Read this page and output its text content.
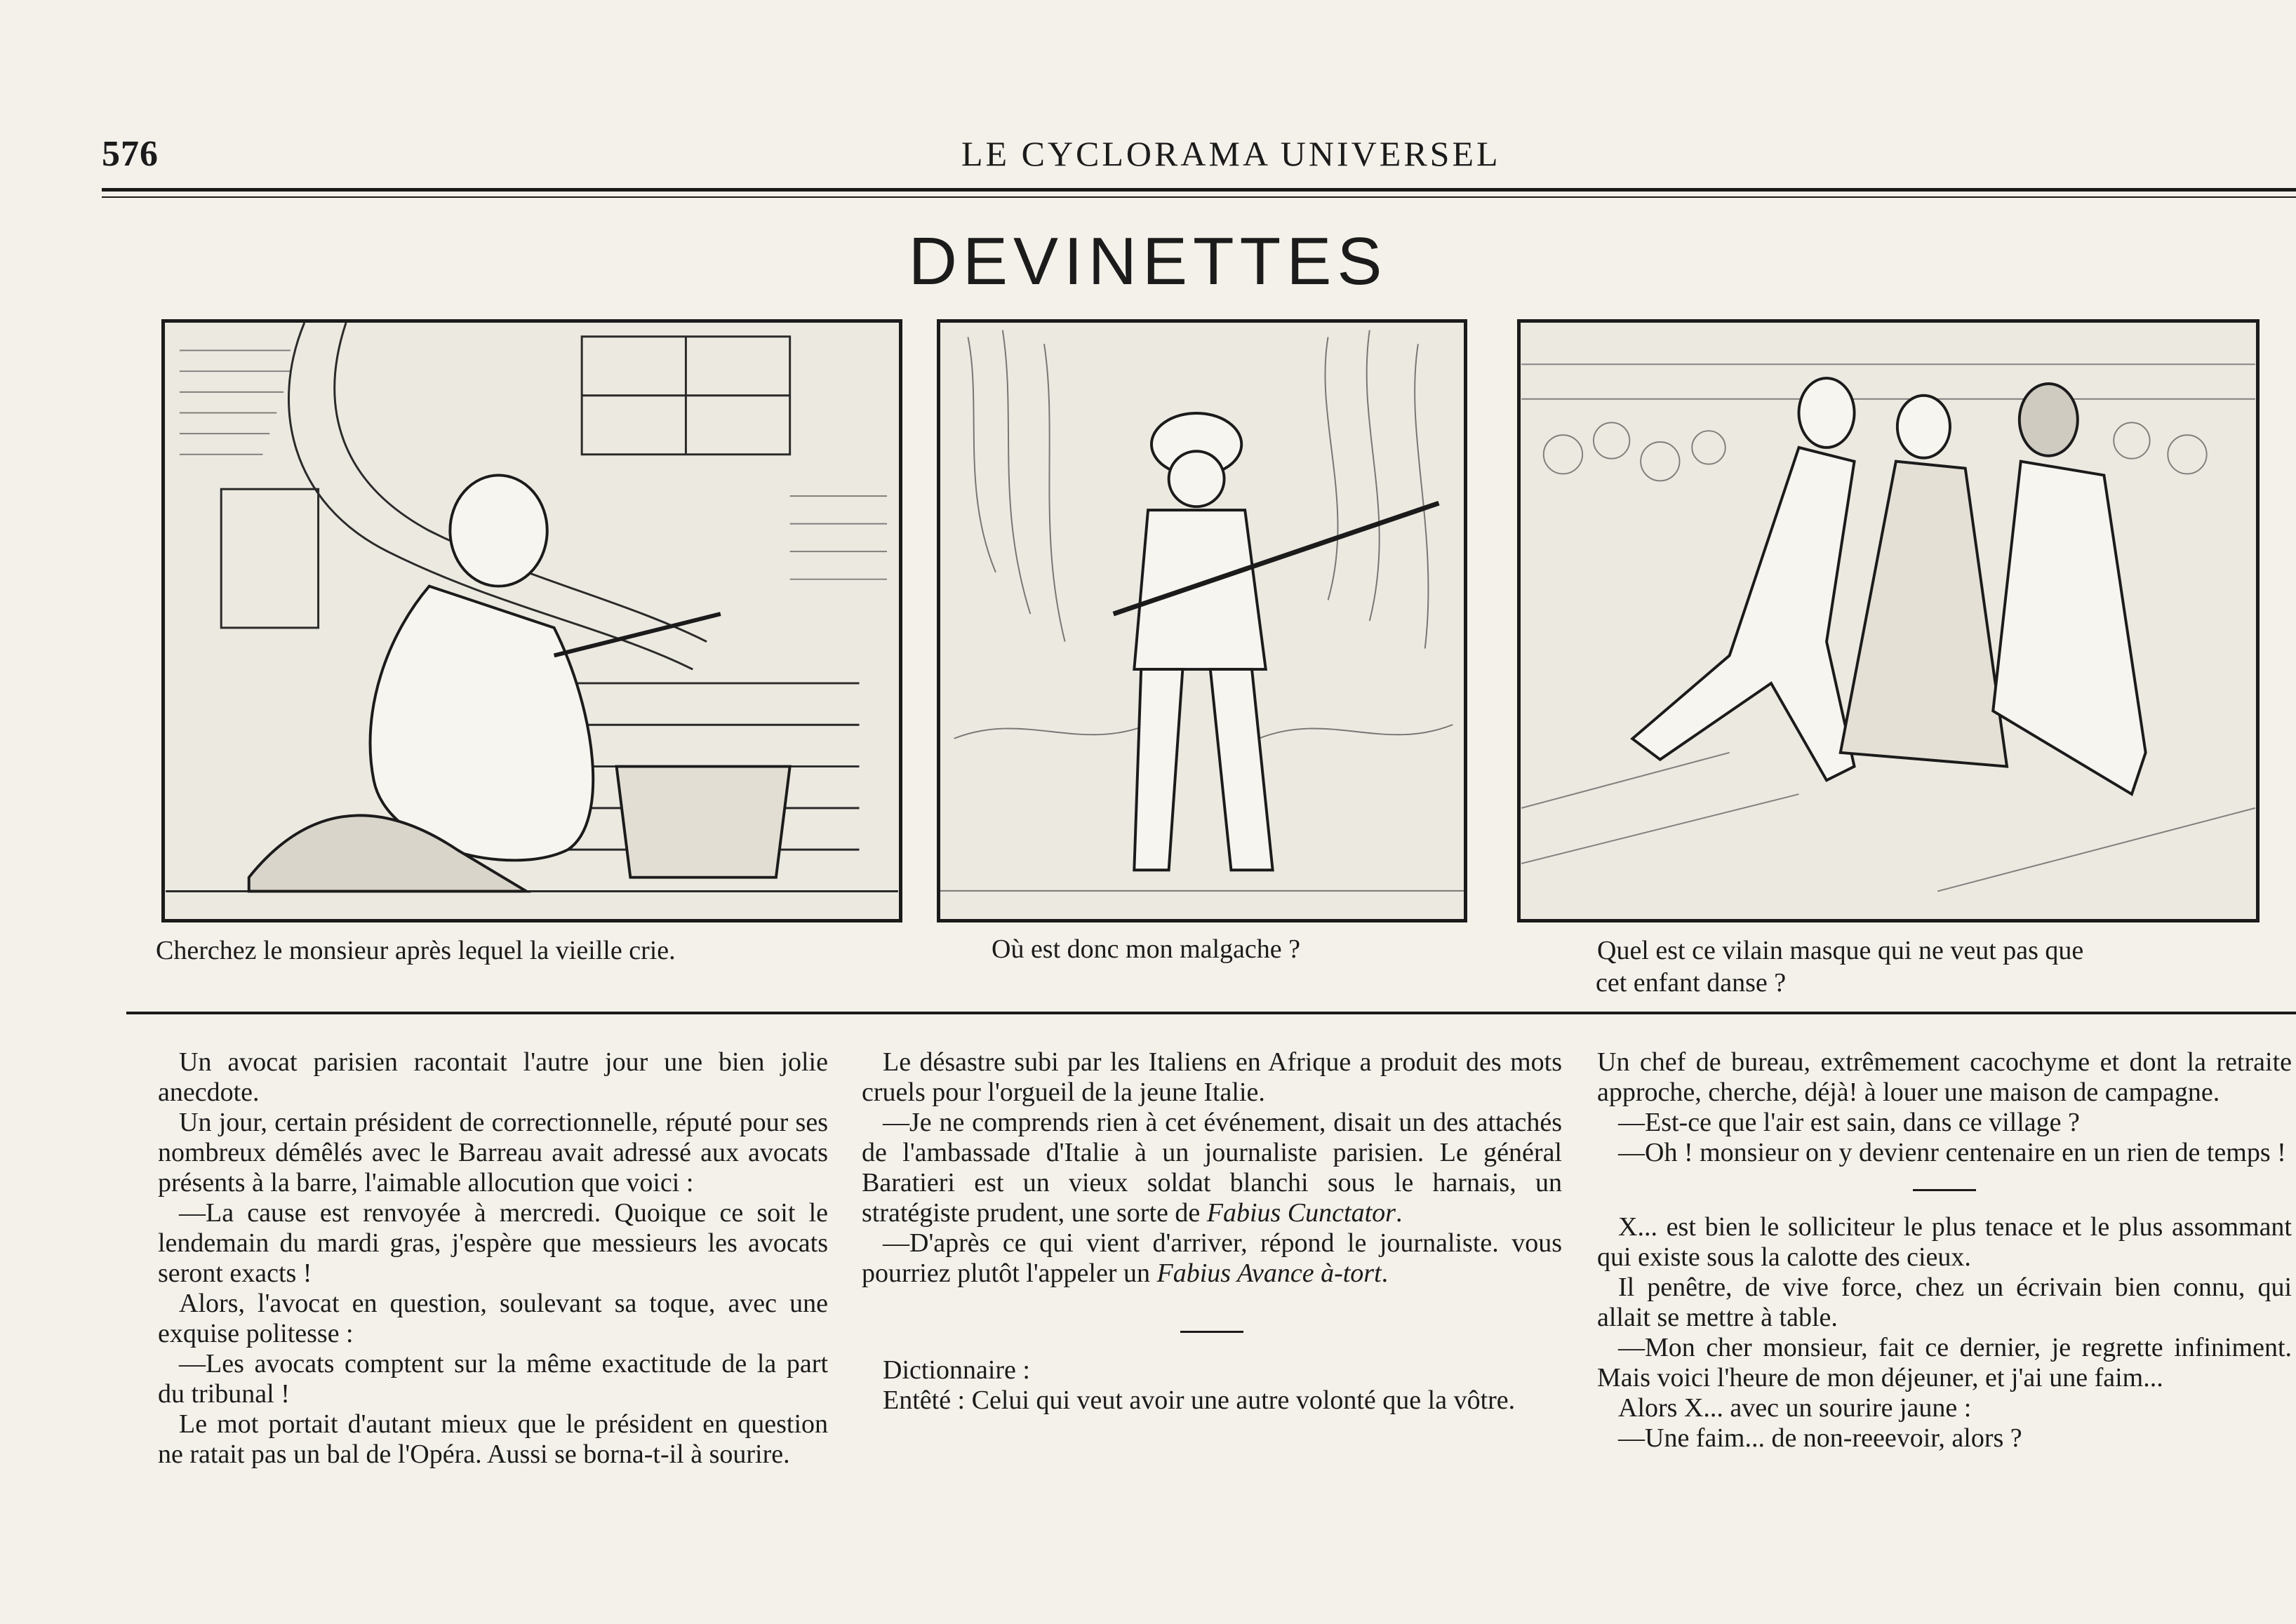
576	LE CYCLORAMA UNIVERSEL
DEVINETTES
Cherchez le monsieur après lequel la vieille crie.	Où est donc mon malgache ?	Quel est ce vilain masque qui ne veut pas que
cet enfant danse ?

Un avocat parisien racontait l'autre jour une bien jolie anecdote.

Un jour, certain président de correctionnelle, réputé pour ses nombreux démêlés avec le Barreau avait adressé aux avocats présents à la barre, l'aimable allocution que voici :

—La cause est renvoyée à mercredi. Quoique ce soit le lendemain du mardi gras, j'espère que messieurs les avocats seront exacts !

Alors, l'avocat en question, soulevant sa toque, avec une exquise politesse :

—Les avocats comptent sur la même exactitude de la part du tribunal !

Le mot portait d'autant mieux que le président en question ne ratait pas un bal de l'Opéra. Aussi se borna-t-il à sourire.

Le désastre subi par les Italiens en Afrique a produit des mots cruels pour l'orgueil de la jeune Italie.

—Je ne comprends rien à cet événement, disait un des attachés de l'ambassade d'Italie à un journaliste parisien. Le général Baratieri est un vieux soldat blanchi sous le harnais, un stratégiste prudent, une sorte de Fabius Cunctator.

—D'après ce qui vient d'arriver, répond le journaliste. vous pourriez plutôt l'appeler un Fabius Avance à-tort.

Dictionnaire :

Entêté : Celui qui veut avoir une autre volonté que la vôtre.

Un chef de bureau, extrêmement cacochyme et dont la retraite approche, cherche, déjà! à louer une maison de campagne.

—Est-ce que l'air est sain, dans ce village ?

—Oh ! monsieur on y devienr centenaire en un rien de temps !

X... est bien le solliciteur le plus tenace et le plus assommant qui existe sous la calotte des cieux.

Il penêtre, de vive force, chez un écrivain bien connu, qui allait se mettre à table.

—Mon cher monsieur, fait ce dernier, je regrette infiniment. Mais voici l'heure de mon déjeuner, et j'ai une faim...

Alors X... avec un sourire jaune :

—Une faim... de non-reeevoir, alors ?
